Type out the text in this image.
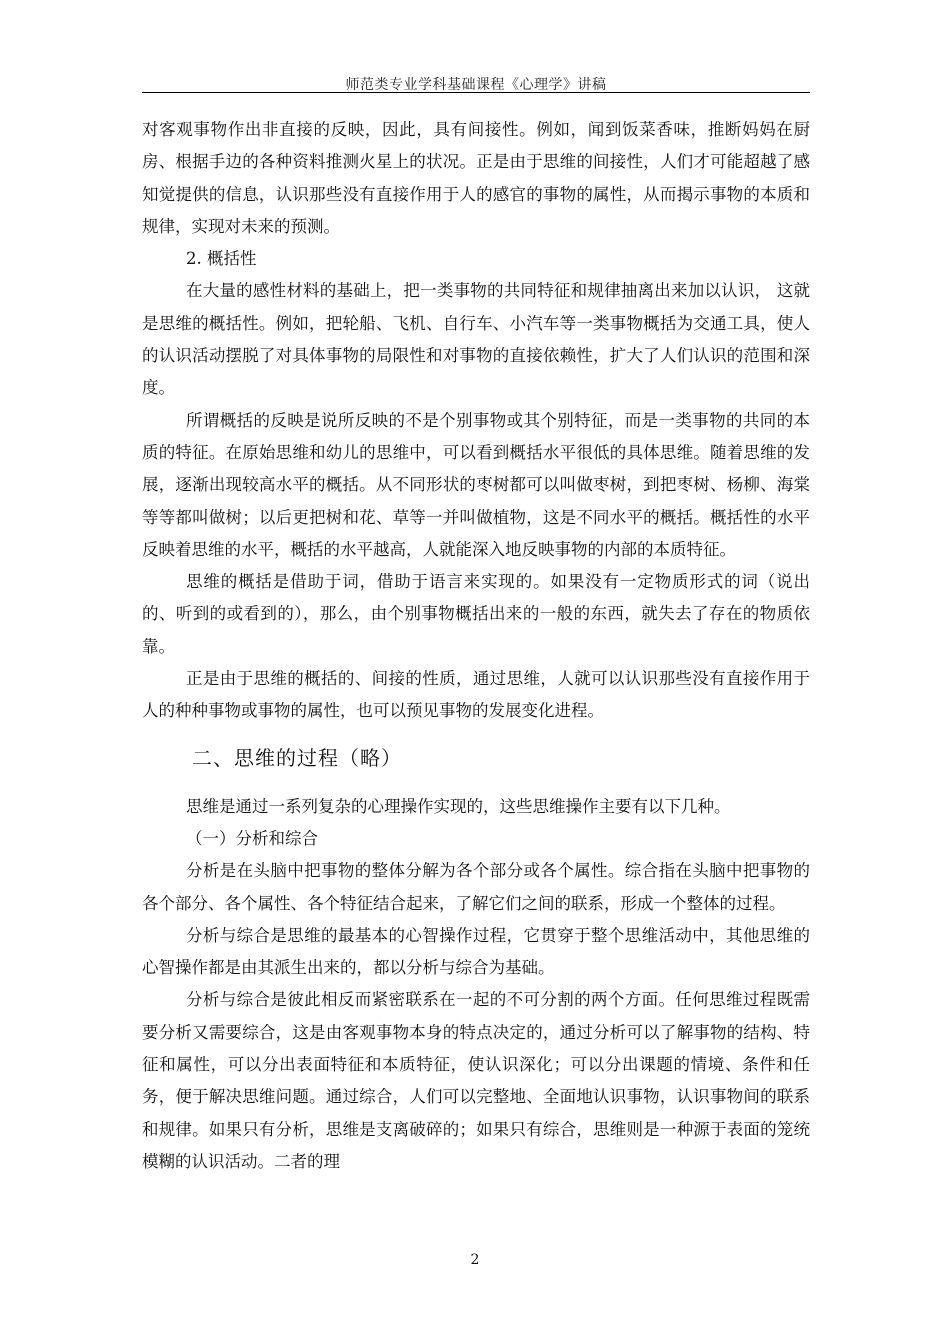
师范类专业学科基础课程《心理学》讲稿

对客观事物作出非直接的反映，因此，具有间接性。例如，闻到饭菜香味，推断妈妈在厨房、根据手边的各种资料推测火星上的状况。正是由于思维的间接性，人们才可能超越了感知觉提供的信息，认识那些没有直接作用于人的感官的事物的属性，从而揭示事物的本质和规律，实现对未来的预测。

2. 概括性

在大量的感性材料的基础上，把一类事物的共同特征和规律抽离出来加以认识， 这就是思维的概括性。例如，把轮船、飞机、自行车、小汽车等一类事物概括为交通工具，使人的认识活动摆脱了对具体事物的局限性和对事物的直接依赖性，扩大了人们认识的范围和深度。

所谓概括的反映是说所反映的不是个别事物或其个别特征，而是一类事物的共同的本质的特征。在原始思维和幼儿的思维中，可以看到概括水平很低的具体思维。随着思维的发展，逐渐出现较高水平的概括。从不同形状的枣树都可以叫做枣树，到把枣树、杨柳、海棠等等都叫做树；以后更把树和花、草等一并叫做植物，这是不同水平的概括。概括性的水平反映着思维的水平，概括的水平越高，人就能深入地反映事物的内部的本质特征。

思维的概括是借助于词，借助于语言来实现的。如果没有一定物质形式的词（说出的、听到的或看到的），那么，由个别事物概括出来的一般的东西，就失去了存在的物质依靠。

正是由于思维的概括的、间接的性质，通过思维，人就可以认识那些没有直接作用于人的种种事物或事物的属性，也可以预见事物的发展变化进程。

二、思维的过程（略）

思维是通过一系列复杂的心理操作实现的，这些思维操作主要有以下几种。

（一）分析和综合

分析是在头脑中把事物的整体分解为各个部分或各个属性。综合指在头脑中把事物的各个部分、各个属性、各个特征结合起来，了解它们之间的联系，形成一个整体的过程。

分析与综合是思维的最基本的心智操作过程，它贯穿于整个思维活动中，其他思维的心智操作都是由其派生出来的，都以分析与综合为基础。

分析与综合是彼此相反而紧密联系在一起的不可分割的两个方面。任何思维过程既需要分析又需要综合，这是由客观事物本身的特点决定的，通过分析可以了解事物的结构、特征和属性，可以分出表面特征和本质特征，使认识深化；可以分出课题的情境、条件和任务，便于解决思维问题。通过综合，人们可以完整地、全面地认识事物，认识事物间的联系和规律。如果只有分析，思维是支离破碎的；如果只有综合，思维则是一种源于表面的笼统模糊的认识活动。二者的理

2
